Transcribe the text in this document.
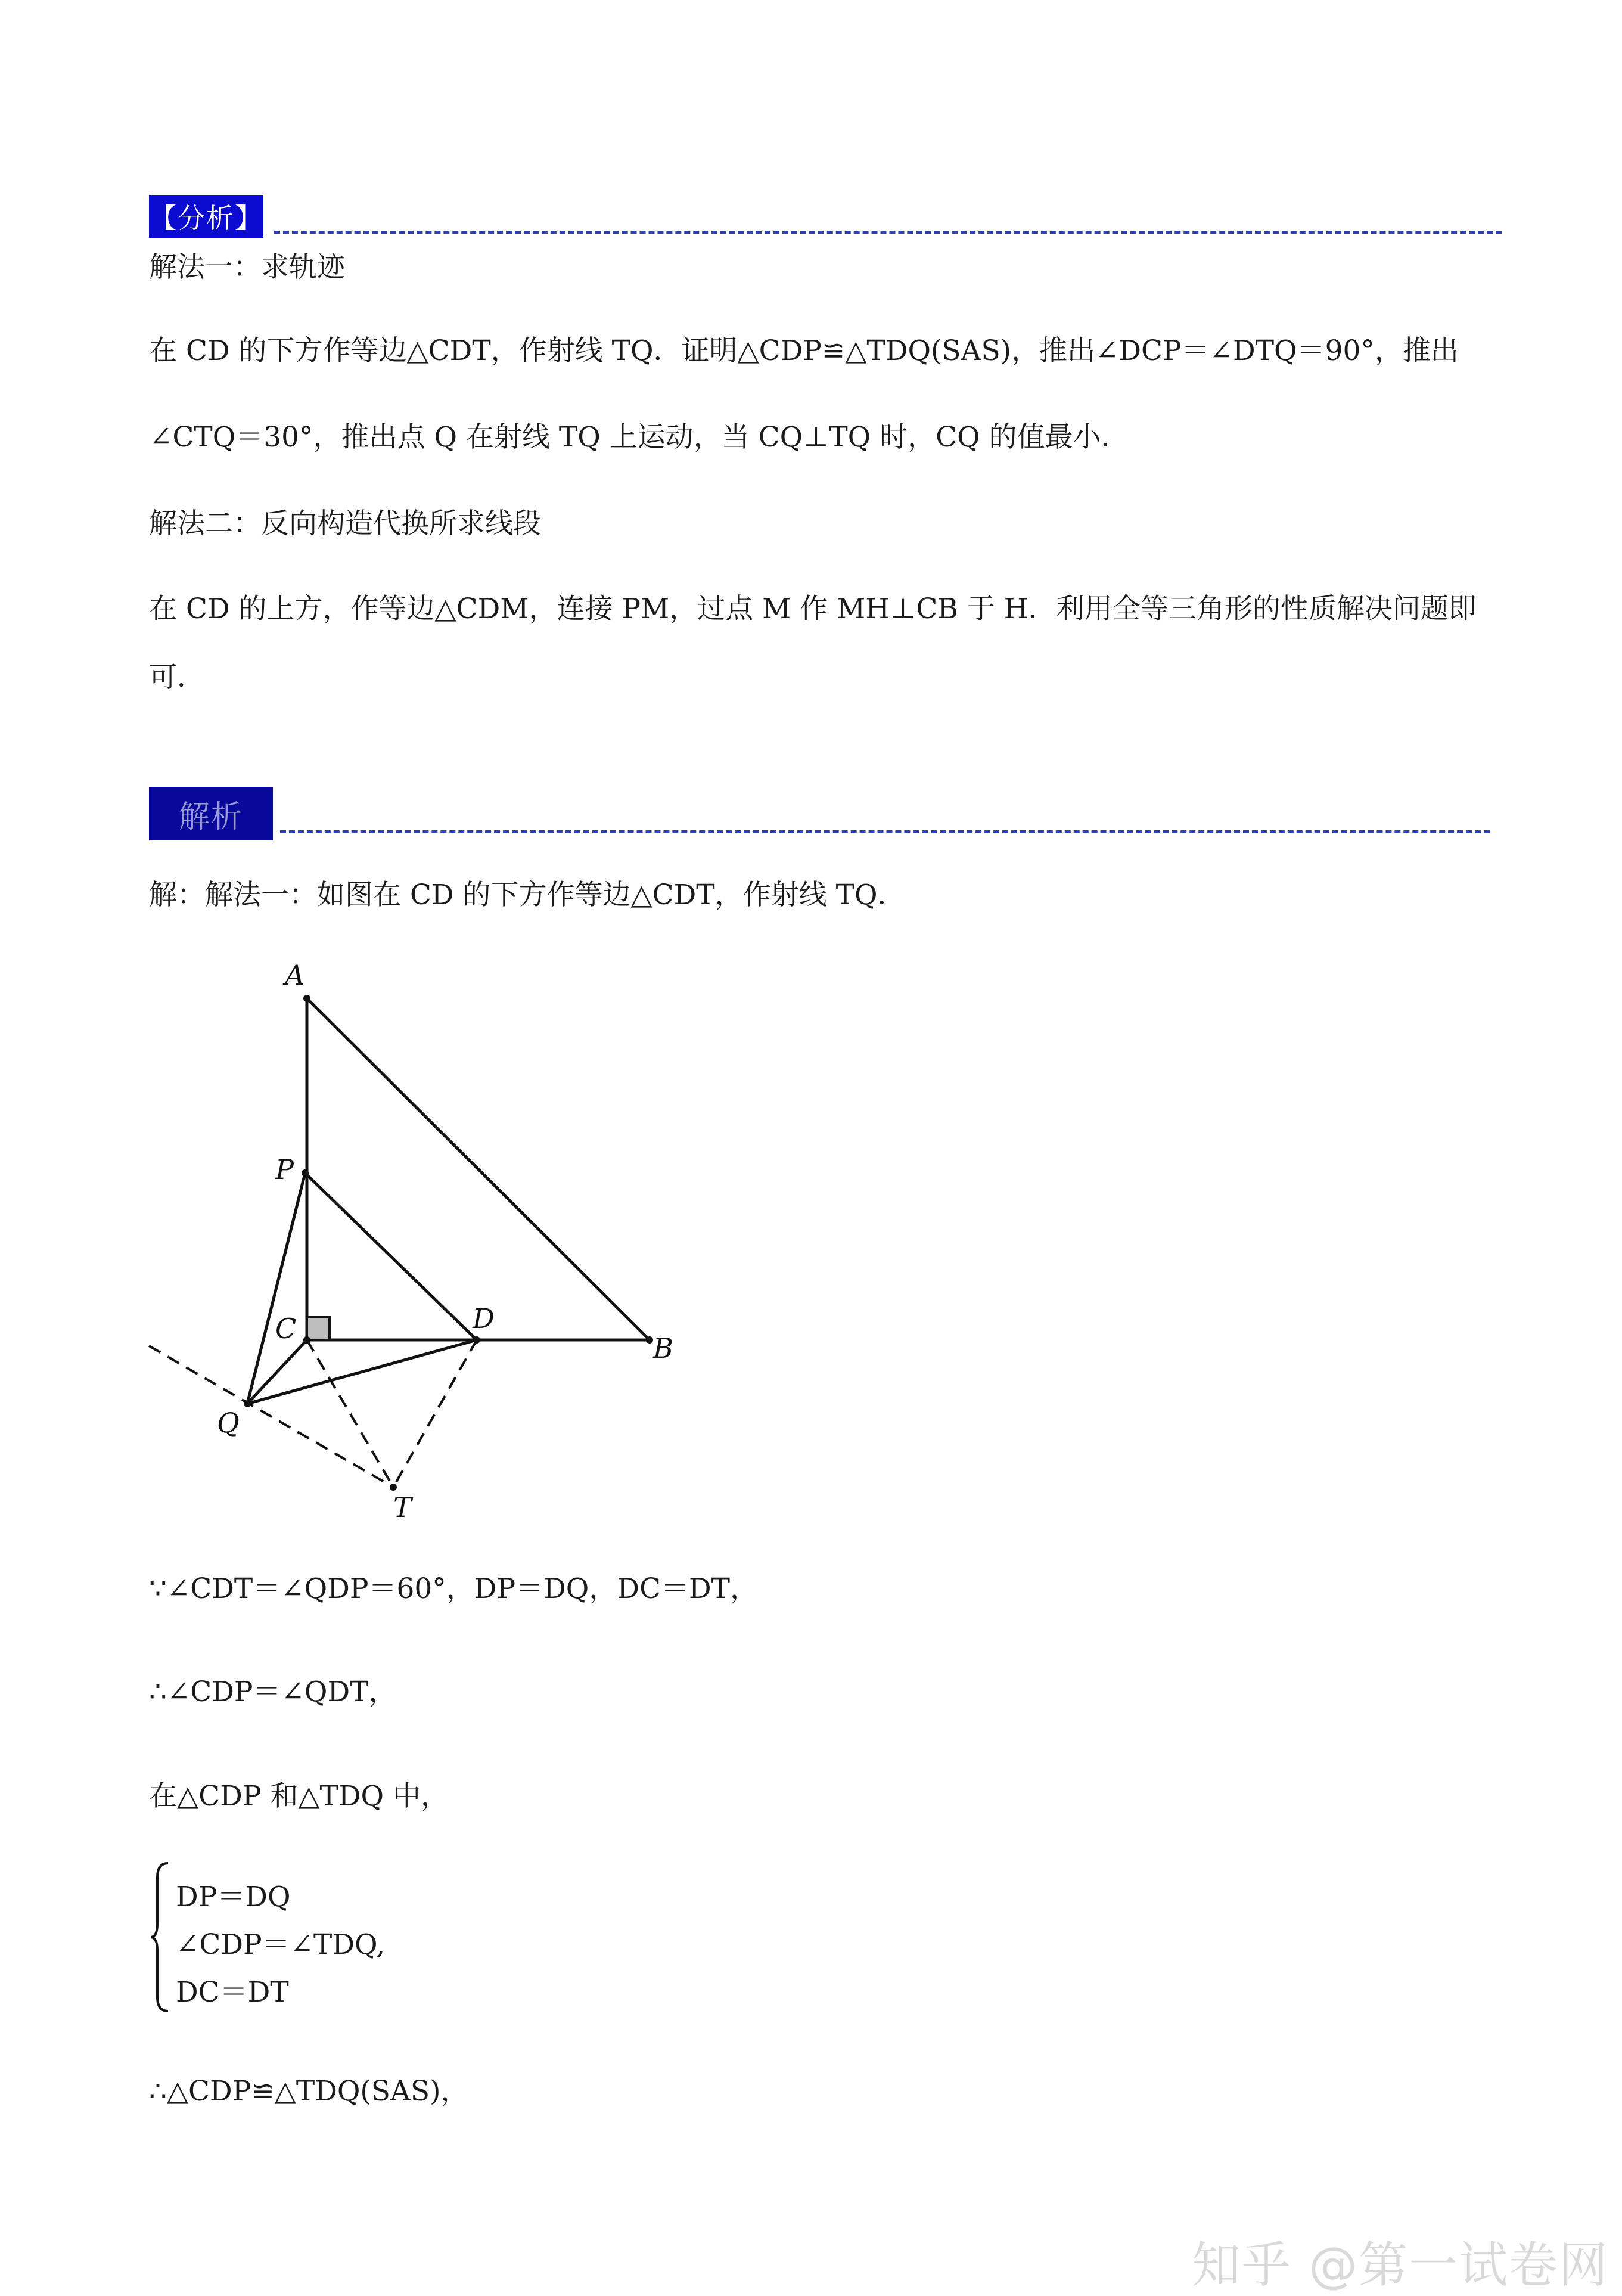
【分析】
解法一：求轨迹
在 CD 的下方作等边△CDT，作射线 TQ．证明△CDP≌△TDQ(SAS)，推出∠DCP＝∠DTQ＝90°，推出
∠CTQ＝30°，推出点 Q 在射线 TQ 上运动，当 CQ⊥TQ 时，CQ 的值最小．
解法二：反向构造代换所求线段
在 CD 的上方，作等边△CDM，连接 PM，过点 M 作 MH⊥CB 于 H．利用全等三角形的性质解决问题即
可．
解析
解：解法一：如图在 CD 的下方作等边△CDT，作射线 TQ．
A
P
C	D
B
Q
T
∵∠CDT＝∠QDP＝60°，DP＝DQ，DC＝DT，
∴∠CDP＝∠QDT，
在△CDP 和△TDQ 中，
DP＝DQ
∠CDP＝∠TDQ,
DC＝DT
∴△CDP≌△TDQ(SAS)，
知乎 @第一试卷网
